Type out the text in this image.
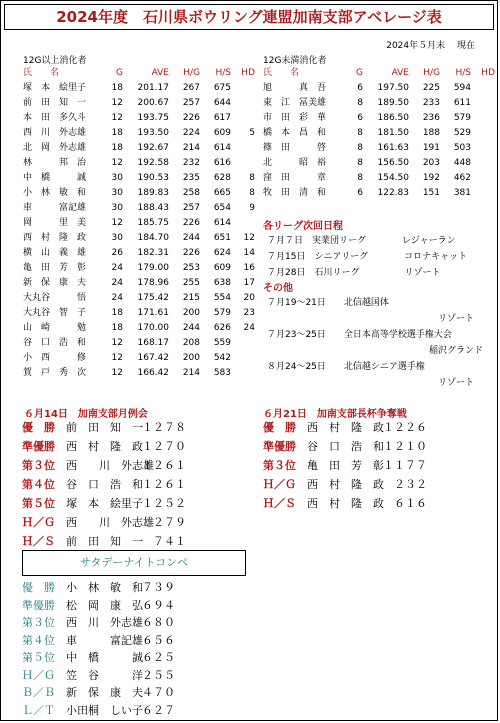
2024年度　石川県ボウリング連盟加南支部アベレージ表
2024年５月末　 現在
12G以上消化者
氏　　名	G	AVE	H/G	H/S	HD
塚　本　絵里子	18	201.17	267	675	
前　田　知　一	12	200.67	257	644	
本　田　多久斗	12	193.75	226	617	
西　川　外志雄	18	193.50	224	609	5
北　岡　外志雄	18	192.67	214	614	
林　　　邦　治	12	192.58	232	616	
中　橋　　　誠	30	190.53	235	628	8
小　林　敏　和	30	189.83	258	665	8
車　　　富記雄	30	188.43	257	654	9
岡　　　里　美	12	185.75	226	614	
西　村　隆　政	30	184.70	244	651	12
横　山　義　雄	26	182.31	226	624	14
亀　田　芳　彰	24	179.00	253	609	16
新　保　康　夫	24	178.96	255	638	17
大丸谷　　　悟	24	175.42	215	554	20
大丸谷　智　子	18	171.61	200	579	23
山　崎　　　勉	18	170.00	244	626	24
谷　口　浩　和	12	168.17	208	559	
小　西　　　修	12	167.42	200	542	
賀　戸　秀　次	12	166.42	214	583	
12G未満消化者
氏　　名	G	AVE	H/G	H/S	HD
旭　　　真　吾	6	197.50	225	594	
東　江　冨美雄	8	189.50	233	611	
市　田　彩　華	6	186.50	236	579	
橋　本　昌　和	8	181.50	188	529	
篠　田　　　啓	8	161.63	191	503	
北　　　昭　裕	8	156.50	203	448	
窪　田　　　章	8	154.50	192	462	
牧　田　清　和	6	122.83	151	381	
各リーグ次回日程
７月７日　実業団リーグ　　　　レジャーラン
７月15日　シニアリーグ　　　　コロナキャット
７月28日　石川リーグ　　　　　リゾート
その他
７月19～21日　　北信越国体
　　　　　　　　　　　　　　　　　　　リゾート
７月23～25日　　全日本高等学校選手権大会
　　　　　　　　　　　　　　　　　　稲沢グランド
８月24～25日　　北信越シニア選手権
　　　　　　　　　　　　　　　　　　　リゾート
６月14日　加南支部月例会
優　勝 前　田　知　一１２７８
準優勝 西　村　隆　政１２７０
第３位 西　　川　外志雄１２６１
第４位 谷　口　浩　和１２６１
第５位 塚　本　絵里子１２５２
Ｈ／Ｇ 西　　川　外志雄　２７９
Ｈ／Ｓ 前　田　知　一　７４１
６月21日　加南支部長杯争奪戦
優　勝 西　村　隆　政１２２６
準優勝 谷　口　浩　和１２１０
第３位 亀　田　芳　彰１１７７
Ｈ／Ｇ 西　村　隆　政　２３２
Ｈ／Ｓ 西　村　隆　政　６１６
サタデーナイトコンペ
優　勝 小　林　敏　和７３９
準優勝 松　岡　康　弘６９４
第３位 西　川　外志雄６８０
第４位 車　　　富記雄６５６
第５位 中　橋　　　誠６２５
Ｈ／Ｇ 笠　谷　　　洋２５５
Ｂ／Ｂ 新　保　康　夫４７０
Ｌ／Ｔ 小田桐　しい子６２７
